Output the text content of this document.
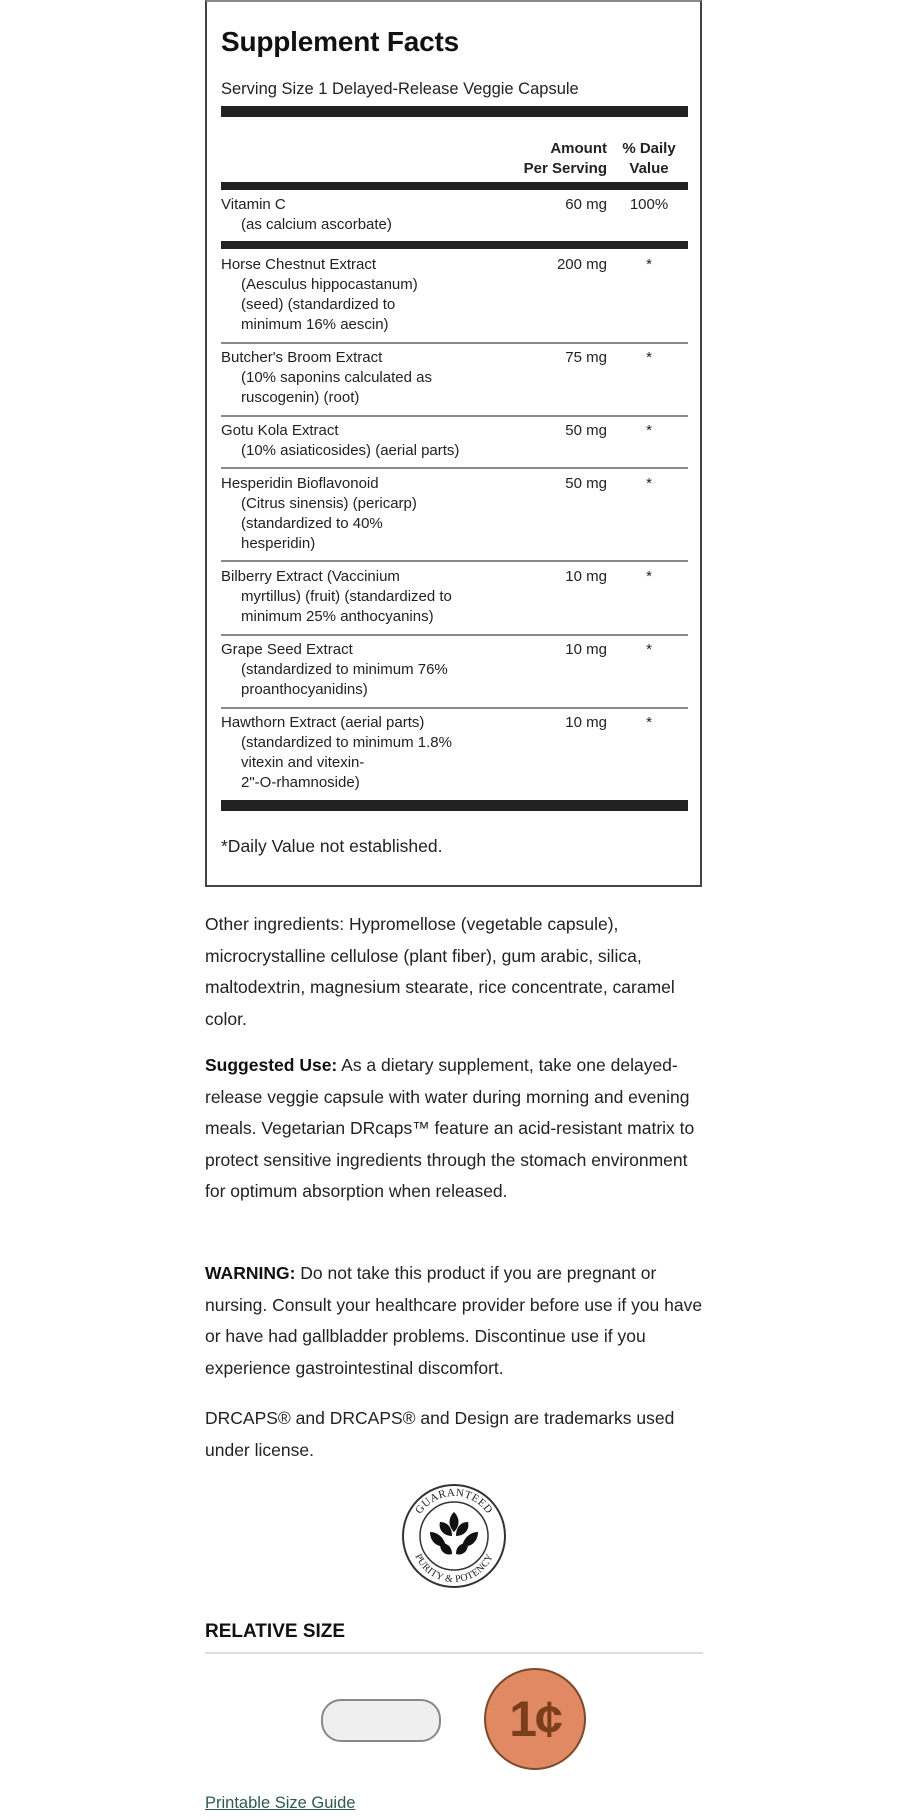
Supplement Facts
Serving Size 1 Delayed-Release Veggie Capsule
Amount
Per Serving
% Daily
Value
Vitamin C
(as calcium ascorbate)
60 mg	100%
Horse Chestnut Extract
(Aesculus hippocastanum)
(seed) (standardized to
minimum 16% aescin)
200 mg	*
Butcher's Broom Extract
(10% saponins calculated as
ruscogenin) (root)
75 mg	*
Gotu Kola Extract
(10% asiaticosides) (aerial parts)
50 mg	*
Hesperidin Bioflavonoid
(Citrus sinensis) (pericarp)
(standardized to 40%
hesperidin)
50 mg	*
Bilberry Extract (Vaccinium
myrtillus) (fruit) (standardized to
minimum 25% anthocyanins)
10 mg	*
Grape Seed Extract
(standardized to minimum 76%
proanthocyanidins)
10 mg	*
Hawthorn Extract (aerial parts)
(standardized to minimum 1.8%
vitexin and vitexin-
2"-O-rhamnoside)
10 mg	*
*Daily Value not established.
Other ingredients: Hypromellose (vegetable capsule), microcrystalline cellulose (plant fiber), gum arabic, silica, maltodextrin, magnesium stearate, rice concentrate, caramel color.
Suggested Use: As a dietary supplement, take one delayed-release veggie capsule with water during morning and evening meals. Vegetarian DRcaps™ feature an acid-resistant matrix to protect sensitive ingredients through the stomach environment for optimum absorption when released.
WARNING: Do not take this product if you are pregnant or nursing. Consult your healthcare provider before use if you have or have had gallbladder problems. Discontinue use if you experience gastrointestinal discomfort.
DRCAPS® and DRCAPS® and Design are trademarks used under license.
GUARANTEED
PURITY & POTENCY
RELATIVE SIZE
1¢
Printable Size Guide
